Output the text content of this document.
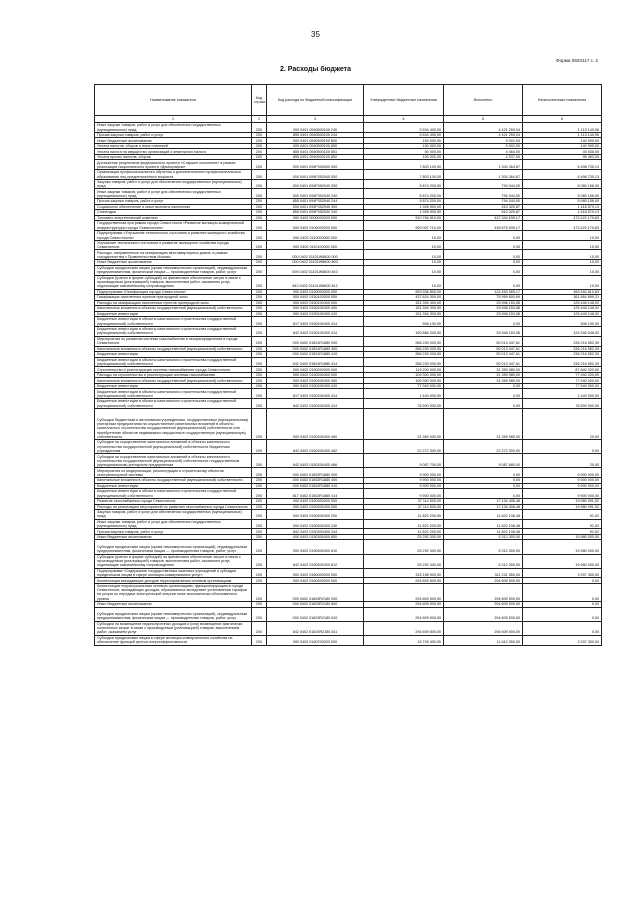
35
Форма 0503117 с. 2
2. Расходы бюджета
Наименование показателя	Код строки	Код расхода по бюджетной классификации	Утвержденные бюджетные назначения	Исполнено	Неисполненные назначения
1	2	3	4	5	6
Иные закупки товаров, работ и услуг для обеспечения государственных (муниципальных) нужд	200	000 0401 0940500100 240	5 534 400,00	4 421 259,04	1 113 140,96
Прочая закупка товаров, работ и услуг	200	855 0401 0940500100 244	5 534 400,00	4 421 259,04	1 113 140,96
Иные бюджетные ассигнования	200	000 0401 0940500100 800	150 000,00	9 001,00	140 999,00
Уплата налогов, сборов и иных платежей	200	000 0401 0940500100 850	150 000,00	9 001,00	140 999,00
Уплата налога на имущество организаций и земельного налога	200	855 0401 0940500100 851	50 000,00	4 464,00	45 536,00
Уплата прочих налогов, сборов	200	855 0401 0940500100 852	100 000,00	4 537,00	95 463,00
Достижение результатов федерального проекта «Старшее поколение» в рамках реализации национального проекта «Демография»	200	000 0401 094P300000 000	7 803 100,00	1 304 364,87	6 498 735,13
Организация профессионального обучения и дополнительного профессионального образования лиц предпенсионного возраста	200	000 0401 094P352940 000	7 803 100,00	1 304 364,87	6 498 735,13
Закупка товаров, работ и услуг для обеспечения государственных (муниципальных) нужд	200	000 0401 094P352940 200	5 874 200,00	794 044,00	5 080 156,00
Иные закупки товаров, работ и услуг для обеспечения государственных (муниципальных) нужд	200	000 0401 094P352940 240	5 874 200,00	794 044,00	5 080 156,00
Прочая закупка товаров, работ и услуг	200	855 0401 094P352940 244	5 874 200,00	794 044,00	5 080 156,00
Социальное обеспечение и иные выплаты населению	200	000 0401 094P352940 300	1 928 900,00	510 320,87	1 418 579,13
Стипендии	200	855 0401 094P352940 340	1 928 900,00	510 320,87	1 418 579,13
Топливно-энергетический комплекс	200	000 0402 0000000000 000	910 766 810,00	437 344 639,17	473 422 170,83
Государственная программа города Севастополя «Развитие жилищно-коммунальной инфраструктуры города Севастополя»	200	000 0402 0100000000 000	909 007 710,00	435 675 539,17	473 422 170,83
Подпрограмма «Улучшение технического состояния и развитие жилищного хозяйства города Севастополя»	200	000 0402 0110000000 000	10,00	0,00	10,00
Улучшение технического состояния и развитие жилищного хозяйства города Севастополя	200	000 0402 0110100000 000	10,00	0,00	10,00
Расходы, направленные на газификацию многоквартирных домов, в рамках сотрудничества с Правительством Москвы	200	000 0402 01101W8600 000	10,00	0,00	10,00
Иные бюджетные ассигнования	200	000 0402 01101W8600 800	10,00	0,00	10,00
Субсидии юридическим лицам (кроме некоммерческих организаций), индивидуальным предпринимателям, физическим лицам — производителям товаров, работ, услуг	200	000 0402 01101W8600 810	10,00	0,00	10,00
Субсидии (гранты в форме субсидий) на финансовое обеспечение затрат в связи с производством (реализацией) товаров, выполнением работ, оказанием услуг, подлежащие казначейскому сопровождению	200	842 0402 01101W8600 812	10,00	0,00	10,00
Подпрограмма «Газификация города Севастополя»	200	000 0402 0150000000 000	593 938 800,00	124 453 989,17	469 484 810,83
Газификация населенных пунктов пригородной зоны	200	000 0402 0150100000 000	437 624 300,00	75 959 600,69	361 664 699,31
Расходы на газификацию населенных пунктов пригородной зоны	200	000 0402 0150100400 000	151 394 300,00	25 946 153,08	125 448 146,92
Капитальные вложения в объекты государственной (муниципальной) собственности	200	000 0402 0150100400 400	151 394 300,00	25 946 153,08	125 448 146,92
Бюджетные инвестиции	200	000 0402 0150100400 410	151 394 300,00	25 946 153,08	125 448 146,92
Бюджетные инвестиции в объекты капитального строительства государственной (муниципальной) собственности	200	817 0402 0150100400 414	508 100,00	0,00	508 100,00
Бюджетные инвестиции в объекты капитального строительства государственной (муниципальной) собственности	200	842 0402 0150100400 414	150 886 200,00	25 946 153,08	124 940 046,92
Мероприятия по развитию системы газоснабжения и газораспределения в городе Севастополе	200	000 0402 01501R1880 000	286 230 000,00	50 013 447,61	236 216 552,39
Капитальные вложения в объекты государственной (муниципальной) собственности	200	000 0402 01501R1880 400	286 230 000,00	50 013 447,61	236 216 552,39
Бюджетные инвестиции	200	000 0402 01501R1880 410	286 230 000,00	50 013 447,61	236 216 552,39
Бюджетные инвестиции в объекты капитального строительства государственной (муниципальной) собственности	200	842 0402 01501R1880 414	286 230 000,00	50 013 447,61	236 216 552,39
Строительство и реконструкция системы газоснабжения города Севастополя	200	000 0402 0150200000 000	119 200 000,00	31 359 980,00	87 840 020,00
Расходы на строительство и реконструкцию системы газоснабжения	200	000 0402 0150200400 000	109 300 000,00	31 359 980,00	77 940 020,00
Капитальные вложения в объекты государственной (муниципальной) собственности	200	000 0402 0150200400 400	109 300 000,00	31 359 980,00	77 940 020,00
Бюджетные инвестиции	200	000 0402 0150200400 410	77 940 000,00	0,00	77 940 000,00
Бюджетные инвестиции в объекты капитального строительства государственной (муниципальной) собственности	200	817 0402 0150200400 414	1 440 000,00	0,00	1 440 000,00
Бюджетные инвестиции в объекты капитального строительства государственной (муниципальной) собственности	200	842 0402 0150200400 414	76 500 000,00	0,00	76 500 000,00
Субсидии бюджетным и автономным учреждениям, государственным (муниципальным) унитарным предприятиям на осуществление капитальных вложений в объекты капитального строительства государственной (муниципальной) собственности или приобретение объектов недвижимого имущества в государственную (муниципальную) собственность	200	000 0402 0150200400 460	31 360 000,00	31 359 980,00	20,00
Субсидии на осуществление капитальных вложений в объекты капитального строительства государственной (муниципальной) собственности бюджетным учреждениям	200	842 0402 0150200400 462	22 272 300,00	22 272 300,00	0,00
Субсидии на осуществление капитальных вложений в объекты капитального строительства государственной (муниципальной) собственности государственным (муниципальным) унитарным предприятиям	200	842 0402 0150200400 466	9 087 700,00	9 087 680,00	20,00
Мероприятия по модернизации, реконструкции и строительству объектов газотранспортной системы	200	000 0402 01502R1880 000	9 900 000,00	0,00	9 900 000,00
Капитальные вложения в объекты государственной (муниципальной) собственности	200	000 0402 01502R1880 400	9 900 000,00	0,00	9 900 000,00
Бюджетные инвестиции	200	000 0402 01502R1880 410	9 900 000,00	0,00	9 900 000,00
Бюджетные инвестиции в объекты капитального строительства государственной (муниципальной) собственности	200	817 0402 01502R1880 414	9 900 000,00	0,00	9 900 000,00
Развитие газоснабжения города Севастополя	200	000 0402 0150300000 000	37 114 500,00	17 134 408,48	19 980 091,52
Расходы на реализацию мероприятий по развитию газоснабжения города Севастополя	200	000 0402 0150300400 000	37 114 500,00	17 134 408,48	19 980 091,52
Закупка товаров, работ и услуг для обеспечения государственных (муниципальных) нужд	200	000 0402 0150300400 200	11 822 200,00	11 822 108,48	91,52
Иные закупки товаров, работ и услуг для обеспечения государственных (муниципальных) нужд	200	000 0402 0150300400 240	11 822 200,00	11 822 108,48	91,52
Прочая закупка товаров, работ и услуг	200	842 0402 0150300400 244	11 822 200,00	11 822 108,48	91,52
Иные бюджетные ассигнования	200	000 0402 0150300400 800	25 292 300,00	5 312 300,00	19 980 000,00
Субсидии юридическим лицам (кроме некоммерческих организаций), индивидуальным предпринимателям, физическим лицам — производителям товаров, работ, услуг	200	000 0402 0150300400 810	25 292 300,00	5 312 300,00	19 980 000,00
Субсидии (гранты в форме субсидий) на финансовое обеспечение затрат в связи с производством (реализацией) товаров, выполнением работ, оказанием услуг, подлежащие казначейскому сопровождению	200	842 0402 0150300400 812	25 292 300,00	5 312 300,00	19 980 000,00
Подпрограмма «Содержание государственных казенных учреждений и субсидии юридическим лицам в сфере жилищно-коммунальных услуг»	200	000 0402 0160000000 000	315 158 900,00	311 221 550,00	3 937 350,00
Компенсация выпадающих доходов территориальным сетевым организациям	200	000 0402 0160300000 000	294 609 500,00	294 609 500,00	0,00
Компенсация территориальным сетевым организациям, функционирующим в городе Севастополе, выпадающих доходов, образованных вследствие установления тарифов на услуги по передаче электрической энергии ниже экономически обоснованного уровня	200	000 0402 01603R2180 000	294 609 500,00	294 609 500,00	0,00
Иные бюджетные ассигнования	200	000 0402 01603R2180 800	294 609 500,00	294 609 500,00	0,00
Субсидии юридическим лицам (кроме некоммерческих организаций), индивидуальным предпринимателям, физическим лицам — производителям товаров, работ, услуг	200	000 0402 01603R2180 810	294 609 500,00	294 609 500,00	0,00
Субсидии на возмещение недополученных доходов и (или) возмещение фактически понесенных затрат в связи с производством (реализацией) товаров, выполнением работ, оказанием услуг	200	842 0402 01603R2180 811	294 609 500,00	294 609 500,00	0,00
Субсидии юридическим лицам в сфере жилищно-коммунального хозяйства на обеспечение функций центра энергоэффективности	200	000 0402 0160700000 000	15 749 400,00	11 812 050,00	3 937 350,00
